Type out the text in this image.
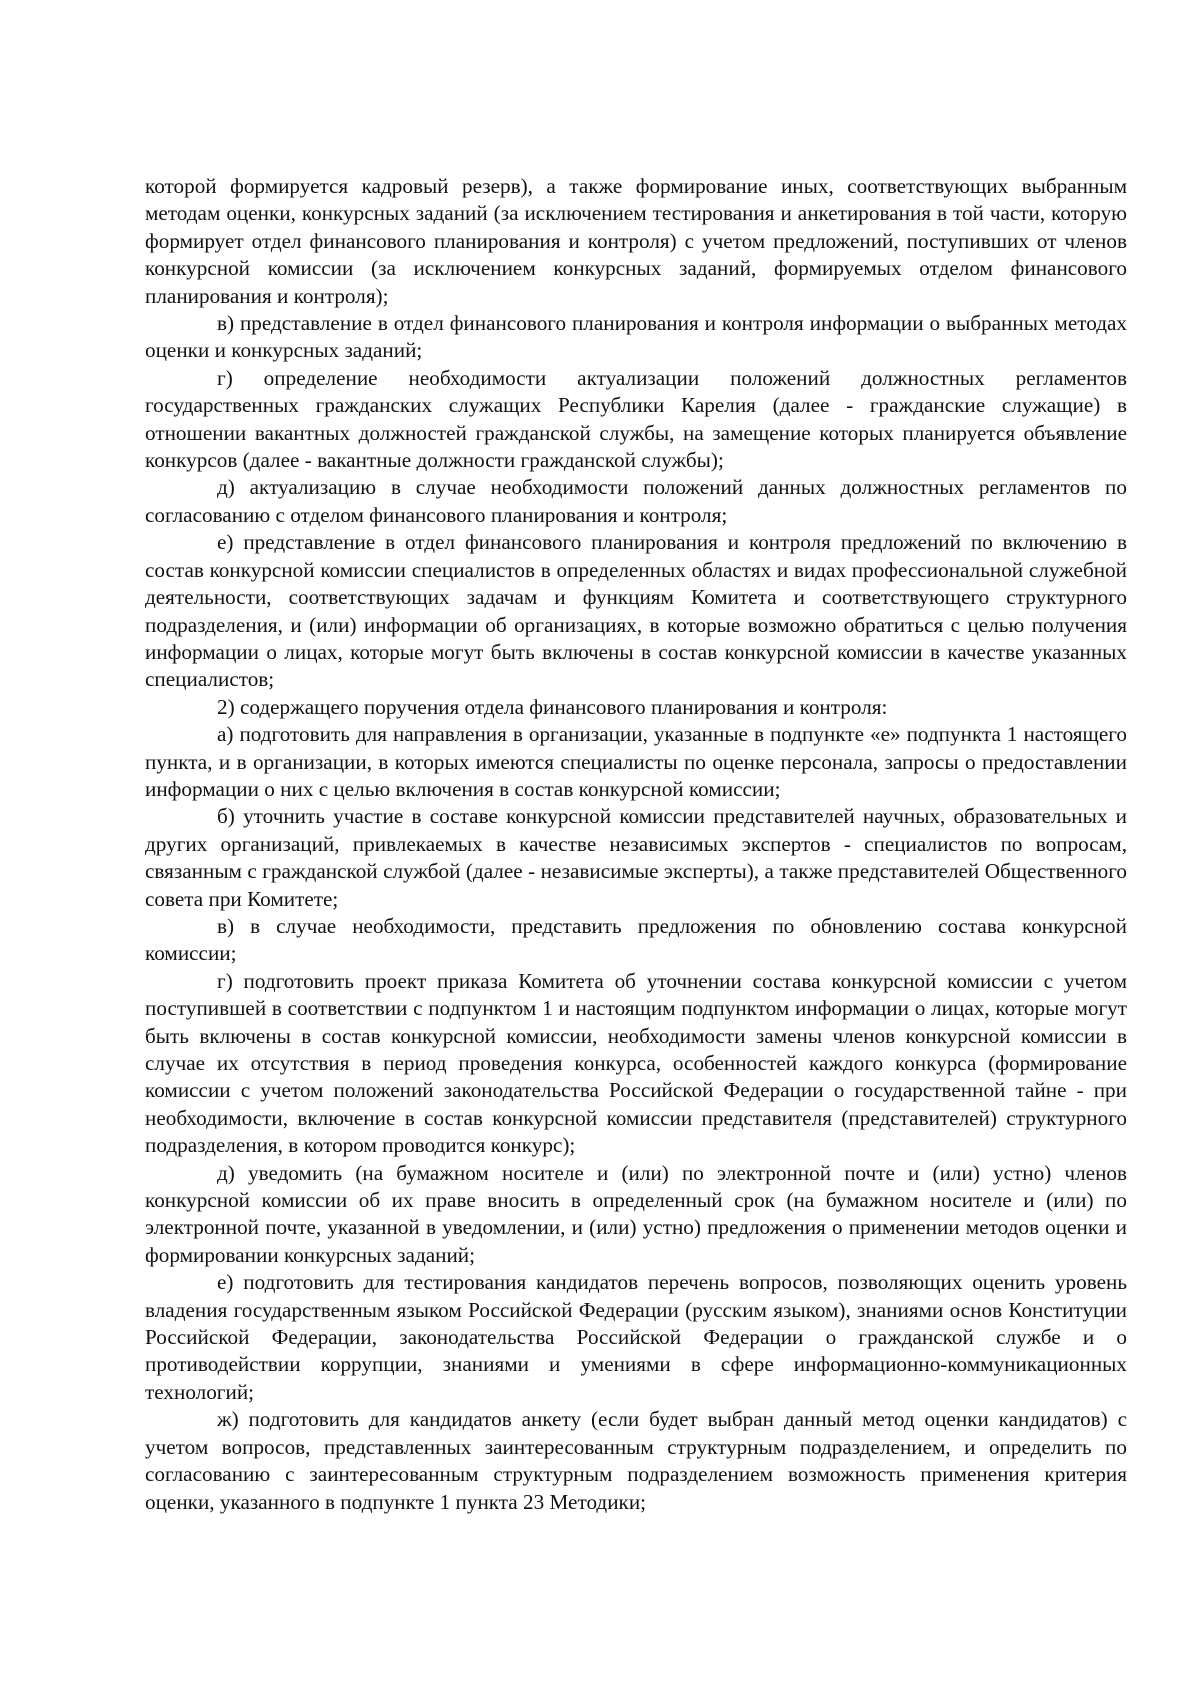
которой формируется кадровый резерв), а также формирование иных, соответствующих выбранным методам оценки, конкурсных заданий (за исключением тестирования и анкетирования в той части, которую формирует отдел финансового планирования и контроля) с учетом предложений, поступивших от членов конкурсной комиссии (за исключением конкурсных заданий, формируемых отделом финансового планирования и контроля);

в) представление в отдел финансового планирования и контроля информации о выбранных методах оценки и конкурсных заданий;

г) определение необходимости актуализации положений должностных регламентов государственных гражданских служащих Республики Карелия (далее - гражданские служащие) в отношении вакантных должностей гражданской службы, на замещение которых планируется объявление конкурсов (далее - вакантные должности гражданской службы);

д) актуализацию в случае необходимости положений данных должностных регламентов по согласованию с отделом финансового планирования и контроля;

е) представление в отдел финансового планирования и контроля предложений по включению в состав конкурсной комиссии специалистов в определенных областях и видах профессиональной служебной деятельности, соответствующих задачам и функциям Комитета и соответствующего структурного подразделения, и (или) информации об организациях, в которые возможно обратиться с целью получения информации о лицах, которые могут быть включены в состав конкурсной комиссии в качестве указанных специалистов;

2) содержащего поручения отдела финансового планирования и контроля:

а) подготовить для направления в организации, указанные в подпункте «е» подпункта 1 настоящего пункта, и в организации, в которых имеются специалисты по оценке персонала, запросы о предоставлении информации о них с целью включения в состав конкурсной комиссии;

б) уточнить участие в составе конкурсной комиссии представителей научных, образовательных и других организаций, привлекаемых в качестве независимых экспертов - специалистов по вопросам, связанным с гражданской службой (далее - независимые эксперты), а также представителей Общественного совета при Комитете;

в) в случае необходимости, представить предложения по обновлению состава конкурсной комиссии;

г) подготовить проект приказа Комитета об уточнении состава конкурсной комиссии с учетом поступившей в соответствии с подпунктом 1 и настоящим подпунктом информации о лицах, которые могут быть включены в состав конкурсной комиссии, необходимости замены членов конкурсной комиссии в случае их отсутствия в период проведения конкурса, особенностей каждого конкурса (формирование комиссии с учетом положений законодательства Российской Федерации о государственной тайне - при необходимости, включение в состав конкурсной комиссии представителя (представителей) структурного подразделения, в котором проводится конкурс);

д) уведомить (на бумажном носителе и (или) по электронной почте и (или) устно) членов конкурсной комиссии об их праве вносить в определенный срок (на бумажном носителе и (или) по электронной почте, указанной в уведомлении, и (или) устно) предложения о применении методов оценки и формировании конкурсных заданий;

е) подготовить для тестирования кандидатов перечень вопросов, позволяющих оценить уровень владения государственным языком Российской Федерации (русским языком), знаниями основ Конституции Российской Федерации, законодательства Российской Федерации о гражданской службе и о противодействии коррупции, знаниями и умениями в сфере информационно-коммуникационных технологий;

ж) подготовить для кандидатов анкету (если будет выбран данный метод оценки кандидатов) с учетом вопросов, представленных заинтересованным структурным подразделением, и определить по согласованию с заинтересованным структурным подразделением возможность применения критерия оценки, указанного в подпункте 1 пункта 23 Методики;
